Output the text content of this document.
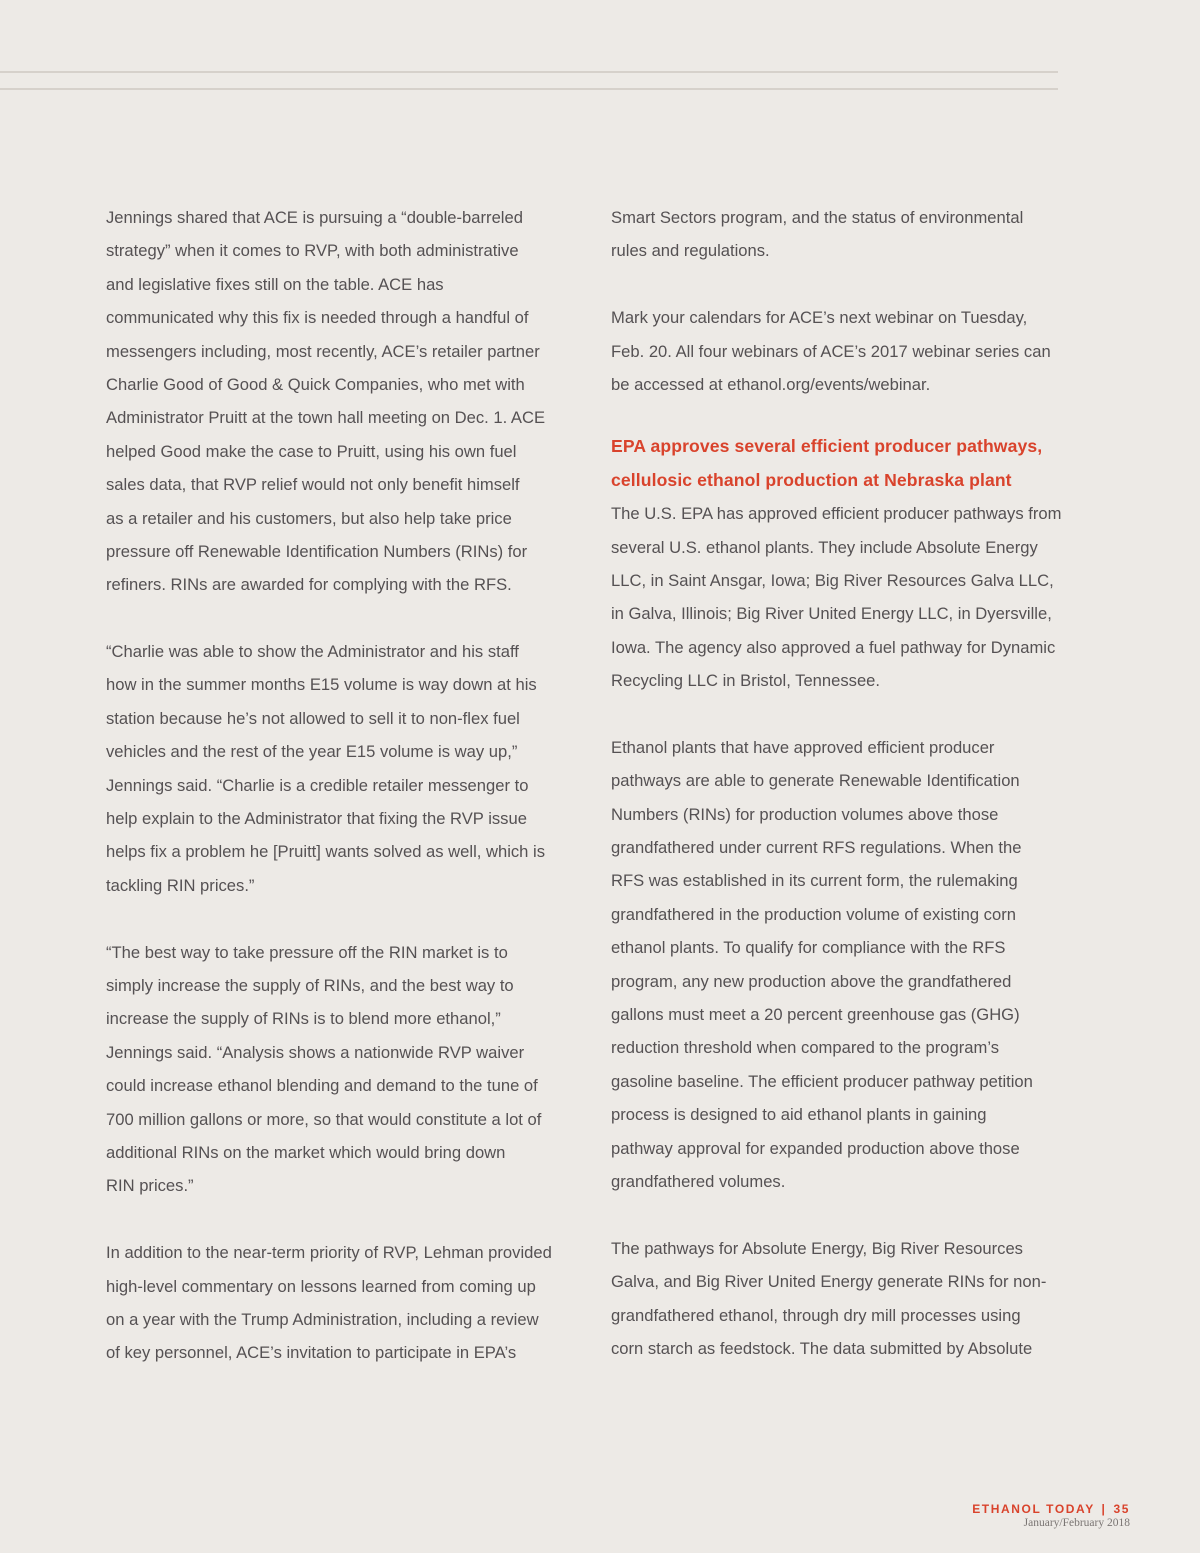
Jennings shared that ACE is pursuing a “double-barreled
strategy” when it comes to RVP, with both administrative
and legislative fixes still on the table. ACE has
communicated why this fix is needed through a handful of
messengers including, most recently, ACE’s retailer partner
Charlie Good of Good & Quick Companies, who met with
Administrator Pruitt at the town hall meeting on Dec. 1. ACE
helped Good make the case to Pruitt, using his own fuel
sales data, that RVP relief would not only benefit himself
as a retailer and his customers, but also help take price
pressure off Renewable Identification Numbers (RINs) for
refiners. RINs are awarded for complying with the RFS.
“Charlie was able to show the Administrator and his staff
how in the summer months E15 volume is way down at his
station because he’s not allowed to sell it to non-flex fuel
vehicles and the rest of the year E15 volume is way up,”
Jennings said. “Charlie is a credible retailer messenger to
help explain to the Administrator that fixing the RVP issue
helps fix a problem he [Pruitt] wants solved as well, which is
tackling RIN prices.”
“The best way to take pressure off the RIN market is to
simply increase the supply of RINs, and the best way to
increase the supply of RINs is to blend more ethanol,”
Jennings said. “Analysis shows a nationwide RVP waiver
could increase ethanol blending and demand to the tune of
700 million gallons or more, so that would constitute a lot of
additional RINs on the market which would bring down
RIN prices.”
In addition to the near-term priority of RVP, Lehman provided
high-level commentary on lessons learned from coming up
on a year with the Trump Administration, including a review
of key personnel, ACE’s invitation to participate in EPA’s
Smart Sectors program, and the status of environmental
rules and regulations.
Mark your calendars for ACE’s next webinar on Tuesday,
Feb. 20. All four webinars of ACE’s 2017 webinar series can
be accessed at ethanol.org/events/webinar.
EPA approves several efficient producer pathways,
cellulosic ethanol production at Nebraska plant
The U.S. EPA has approved efficient producer pathways from
several U.S. ethanol plants. They include Absolute Energy
LLC, in Saint Ansgar, Iowa; Big River Resources Galva LLC,
in Galva, Illinois; Big River United Energy LLC, in Dyersville,
Iowa. The agency also approved a fuel pathway for Dynamic
Recycling LLC in Bristol, Tennessee.
Ethanol plants that have approved efficient producer
pathways are able to generate Renewable Identification
Numbers (RINs) for production volumes above those
grandfathered under current RFS regulations. When the
RFS was established in its current form, the rulemaking
grandfathered in the production volume of existing corn
ethanol plants. To qualify for compliance with the RFS
program, any new production above the grandfathered
gallons must meet a 20 percent greenhouse gas (GHG)
reduction threshold when compared to the program’s
gasoline baseline. The efficient producer pathway petition
process is designed to aid ethanol plants in gaining
pathway approval for expanded production above those
grandfathered volumes.
The pathways for Absolute Energy, Big River Resources
Galva, and Big River United Energy generate RINs for non-
grandfathered ethanol, through dry mill processes using
corn starch as feedstock. The data submitted by Absolute
ETHANOL TODAY | 35
January/February 2018
